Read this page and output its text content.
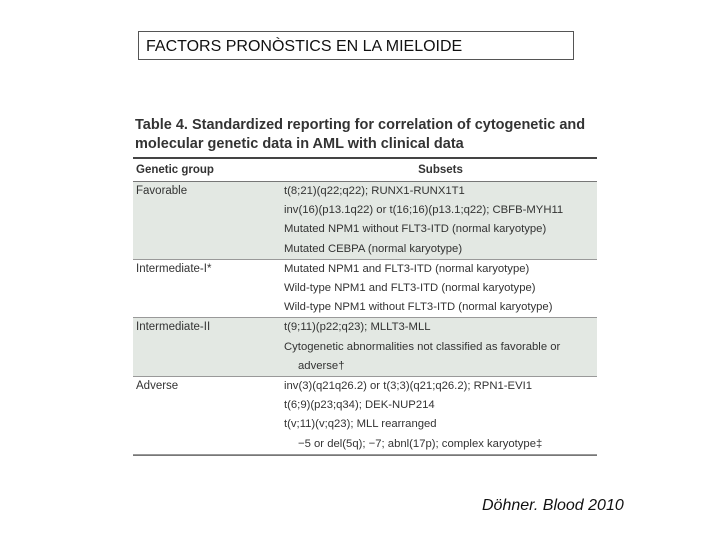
FACTORS PRONÒSTICS EN LA MIELOIDE
Table 4. Standardized reporting for correlation of cytogenetic and molecular genetic data in AML with clinical data
Genetic group	Subsets
Favorable	t(8;21)(q22;q22); RUNX1-RUNX1T1
inv(16)(p13.1q22) or t(16;16)(p13.1;q22); CBFB-MYH11
Mutated NPM1 without FLT3-ITD (normal karyotype)
Mutated CEBPA (normal karyotype)
Intermediate-I*	Mutated NPM1 and FLT3-ITD (normal karyotype)
Wild-type NPM1 and FLT3-ITD (normal karyotype)
Wild-type NPM1 without FLT3-ITD (normal karyotype)
Intermediate-II	t(9;11)(p22;q23); MLLT3-MLL
Cytogenetic abnormalities not classified as favorable or
adverse†
Adverse	inv(3)(q21q26.2) or t(3;3)(q21;q26.2); RPN1-EVI1
t(6;9)(p23;q34); DEK-NUP214
t(v;11)(v;q23); MLL rearranged
−5 or del(5q); −7; abnl(17p); complex karyotype‡
Döhner. Blood 2010
